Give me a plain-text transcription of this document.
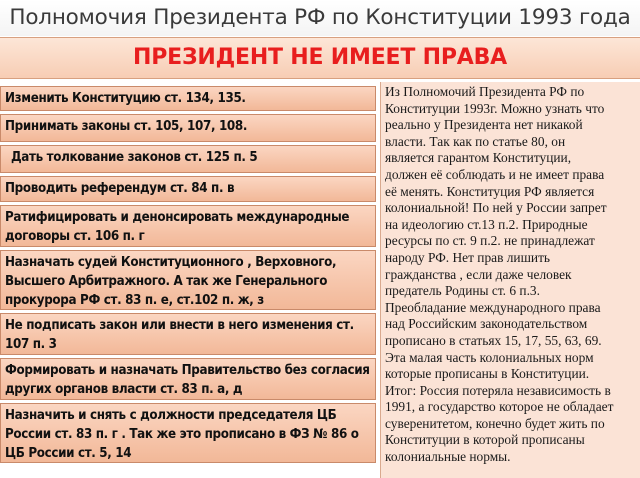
Полномочия Президента РФ по Конституции 1993 года
ПРЕЗИДЕНТ НЕ ИМЕЕТ ПРАВА
Изменить Конституцию ст. 134, 135.
Принимать законы ст. 105, 107, 108.
Дать толкование законов ст. 125 п. 5
Проводить референдум ст. 84 п. в
Ратифицировать и денонсировать международные договоры ст. 106 п. г
Назначать судей Конституционного , Верховного, Высшего Арбитражного. А так же Генерального прокурора РФ ст. 83 п. е, ст.102 п. ж, з
Не подписать закон или внести в него изменения ст. 107 п. 3
Формировать и назначать Правительство без согласия других органов власти ст. 83 п. а, д
Назначить и снять с должности председателя ЦБ России ст. 83 п. г . Так же это прописано в ФЗ № 86 о ЦБ России ст. 5, 14
Из Полномочий Президента РФ по
Конституции 1993г. Можно узнать что
реально у Президента нет никакой
власти. Так как по статье 80, он
является гарантом Конституции,
должен её соблюдать и не имеет права
её менять. Конституция РФ является
колониальной! По ней у России запрет
на идеологию ст.13 п.2. Природные
ресурсы по ст. 9 п.2. не принадлежат
народу РФ. Нет прав лишить
гражданства , если даже человек
предатель Родины ст. 6 п.3.
Преобладание международного права
над Российским законодательством
прописано в статьях 15, 17, 55, 63, 69.
Эта малая часть колониальных норм
которые прописаны в Конституции.
Итог: Россия потеряла независимость в
1991, а государство которое не обладает
суверенитетом, конечно будет жить по
Конституции в которой прописаны
колониальные нормы.
